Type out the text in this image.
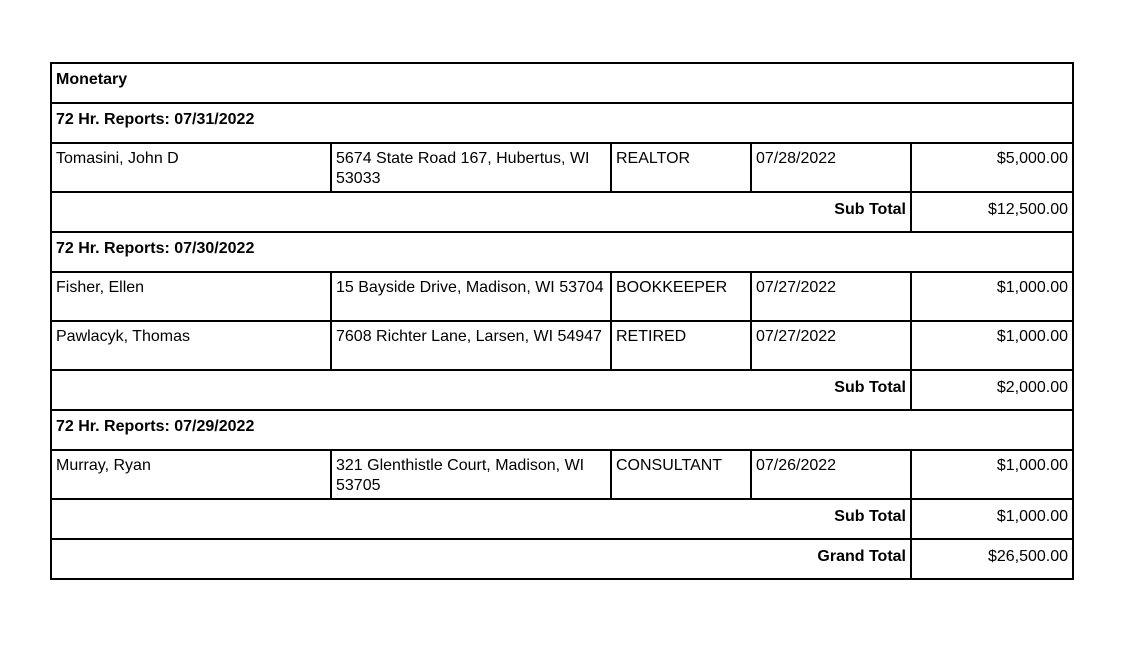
Monetary				
72 Hr. Reports: 07/31/2022				
Tomasini, John D	5674 State Road 167, Hubertus, WI 53033	REALTOR	07/28/2022	$5,000.00
Sub Total				$12,500.00
72 Hr. Reports: 07/30/2022				
Fisher, Ellen	15 Bayside Drive, Madison, WI 53704	BOOKKEEPER	07/27/2022	$1,000.00
Pawlacyk, Thomas	7608 Richter Lane, Larsen, WI 54947	RETIRED	07/27/2022	$1,000.00
Sub Total				$2,000.00
72 Hr. Reports: 07/29/2022				
Murray, Ryan	321 Glenthistle Court, Madison, WI 53705	CONSULTANT	07/26/2022	$1,000.00
Sub Total				$1,000.00
Grand Total				$26,500.00
